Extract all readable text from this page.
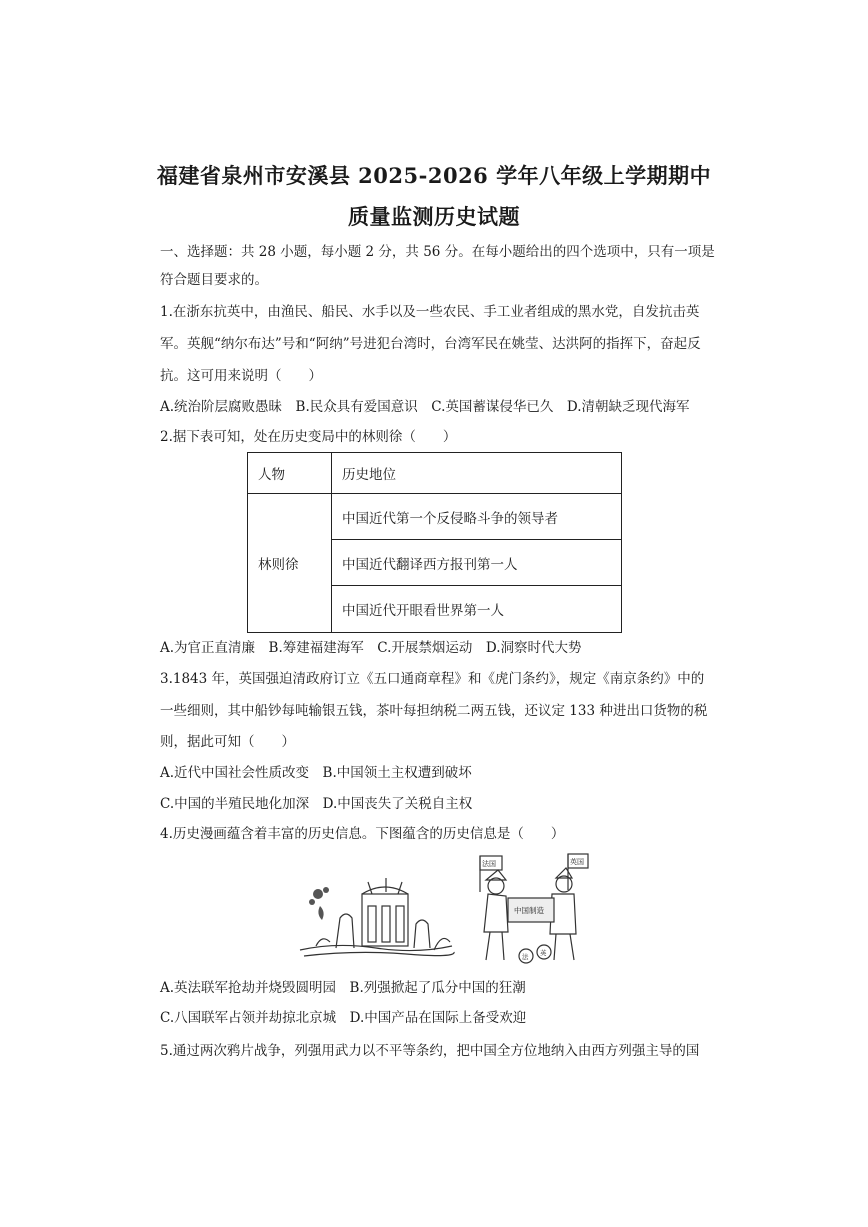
福建省泉州市安溪县 2025-2026 学年八年级上学期期中
质量监测历史试题
一、选择题：共 28 小题，每小题 2 分，共 56 分。在每小题给出的四个选项中，只有一项是
符合题目要求的。
1.在浙东抗英中，由渔民、船民、水手以及一些农民、手工业者组成的黑水党，自发抗击英
军。英舰“纳尔布达”号和“阿纳”号进犯台湾时，台湾军民在姚莹、达洪阿的指挥下，奋起反
抗。这可用来说明（　　）
A.统治阶层腐败愚昧　B.民众具有爱国意识　C.英国蓄谋侵华已久　D.清朝缺乏现代海军
2.据下表可知，处在历史变局中的林则徐（　　）
人物	历史地位
林则徐	中国近代第一个反侵略斗争的领导者
	中国近代翻译西方报刊第一人
	中国近代开眼看世界第一人
A.为官正直清廉　B.筹建福建海军　C.开展禁烟运动　D.洞察时代大势
3.1843 年，英国强迫清政府订立《五口通商章程》和《虎门条约》，规定《南京条约》中的
一些细则，其中船钞每吨输银五钱，茶叶每担纳税二两五钱，还议定 133 种进出口货物的税
则，据此可知（　　）
A.近代中国社会性质改变　B.中国领土主权遭到破坏
C.中国的半殖民地化加深　D.中国丧失了关税自主权
4.历史漫画蕴含着丰富的历史信息。下图蕴含的历史信息是（　　）
法国	英国
中国制造
法 英
A.英法联军抢劫并烧毁圆明园　B.列强掀起了瓜分中国的狂潮
C.八国联军占领并劫掠北京城　D.中国产品在国际上备受欢迎
5.通过两次鸦片战争，列强用武力以不平等条约，把中国全方位地纳入由西方列强主导的国
